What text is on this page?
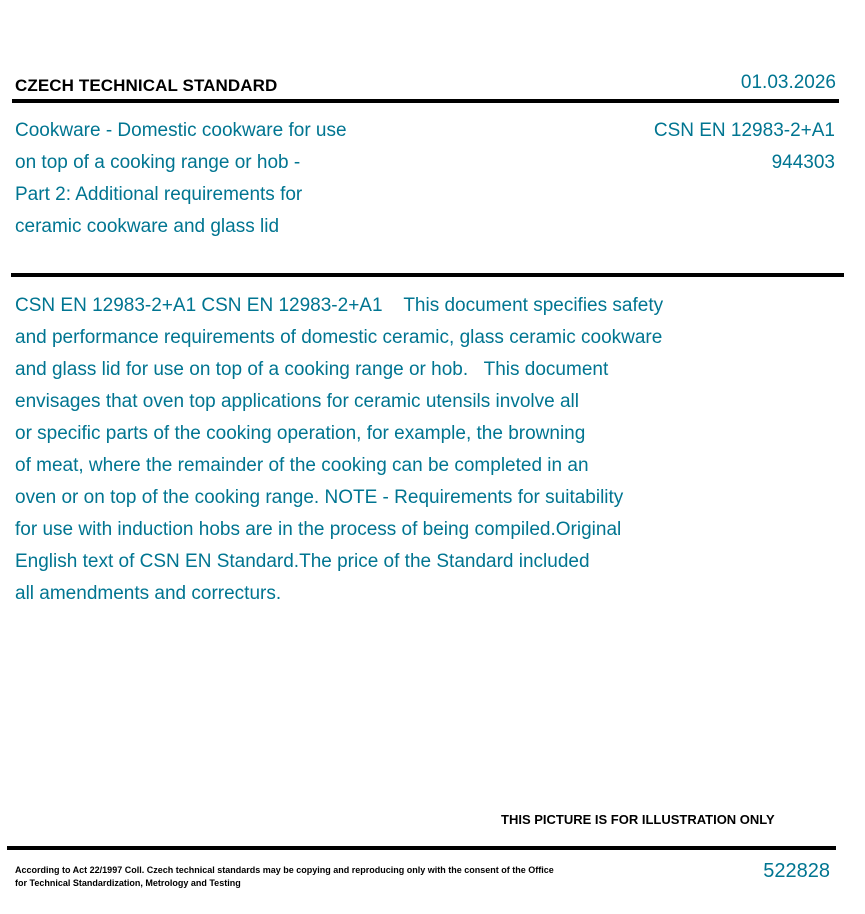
CZECH TECHNICAL STANDARD	01.03.2026
Cookware - Domestic cookware for use
on top of a cooking range or hob -
Part 2: Additional requirements for
ceramic cookware and glass lid
CSN EN 12983-2+A1
944303
CSN EN 12983-2+A1 CSN EN 12983-2+A1    This document specifies safety
and performance requirements of domestic ceramic, glass ceramic cookware
and glass lid for use on top of a cooking range or hob.   This document
envisages that oven top applications for ceramic utensils involve all
or specific parts of the cooking operation, for example, the browning
of meat, where the remainder of the cooking can be completed in an
oven or on top of the cooking range. NOTE - Requirements for suitability
for use with induction hobs are in the process of being compiled.Original
English text of CSN EN Standard.The price of the Standard included
all amendments and correcturs.
THIS PICTURE IS FOR ILLUSTRATION ONLY
According to Act 22/1997 Coll. Czech technical standards may be copying and reproducing only with the consent of the Office
for Technical Standardization, Metrology and Testing
522828
